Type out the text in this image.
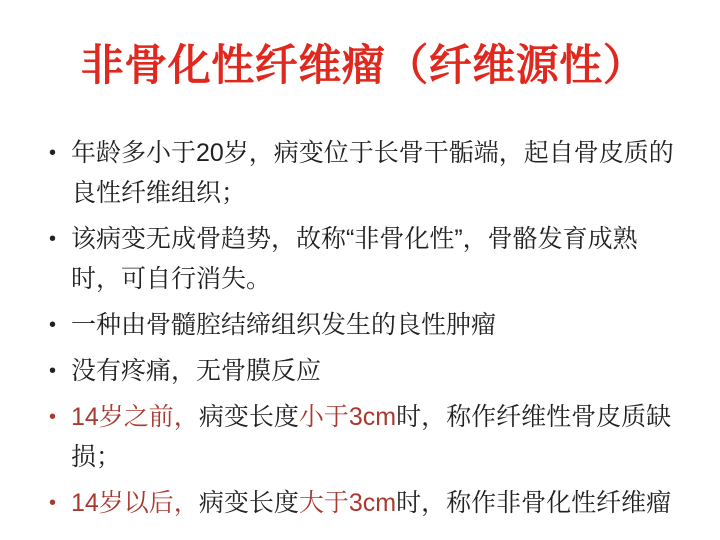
非骨化性纤维瘤（纤维源性）
• 年龄多小于20岁，病变位于长骨干骺端，起自骨皮质的良性纤维组织；
• 该病变无成骨趋势，故称“非骨化性”，骨骼发育成熟时，可自行消失。
• 一种由骨髓腔结缔组织发生的良性肿瘤
• 没有疼痛，无骨膜反应
• 14岁之前，病变长度小于3cm时，称作纤维性骨皮质缺损；
• 14岁以后，病变长度大于3cm时，称作非骨化性纤维瘤
